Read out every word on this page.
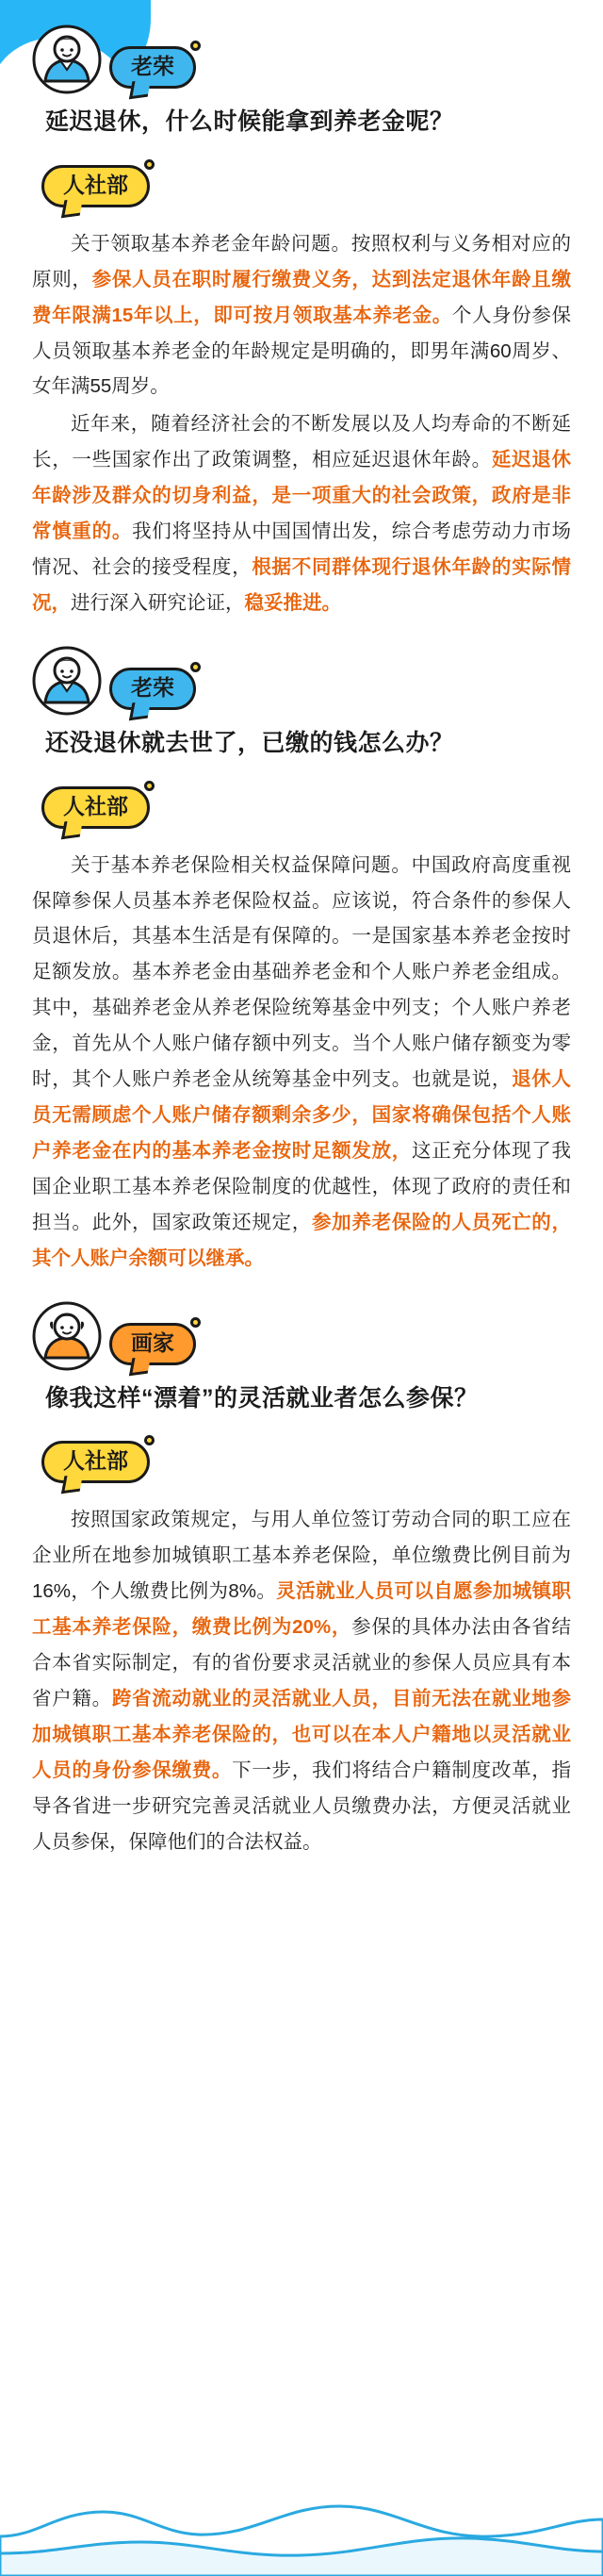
老荣
延迟退休，什么时候能拿到养老金呢？
人社部

关于领取基本养老金年龄问题。按照权利与义务相对应的原则，参保人员在职时履行缴费义务，达到法定退休年龄且缴费年限满15年以上，即可按月领取基本养老金。个人身份参保人员领取基本养老金的年龄规定是明确的，即男年满60周岁、女年满55周岁。

近年来，随着经济社会的不断发展以及人均寿命的不断延长，一些国家作出了政策调整，相应延迟退休年龄。延迟退休年龄涉及群众的切身利益，是一项重大的社会政策，政府是非常慎重的。我们将坚持从中国国情出发，综合考虑劳动力市场情况、社会的接受程度，根据不同群体现行退休年龄的实际情况，进行深入研究论证，稳妥推进。

老荣
还没退休就去世了，已缴的钱怎么办？
人社部

关于基本养老保险相关权益保障问题。中国政府高度重视保障参保人员基本养老保险权益。应该说，符合条件的参保人员退休后，其基本生活是有保障的。一是国家基本养老金按时足额发放。基本养老金由基础养老金和个人账户养老金组成。其中，基础养老金从养老保险统筹基金中列支；个人账户养老金，首先从个人账户储存额中列支。当个人账户储存额变为零时，其个人账户养老金从统筹基金中列支。也就是说，退休人员无需顾虑个人账户储存额剩余多少，国家将确保包括个人账户养老金在内的基本养老金按时足额发放，这正充分体现了我国企业职工基本养老保险制度的优越性，体现了政府的责任和担当。此外，国家政策还规定，参加养老保险的人员死亡的，其个人账户余额可以继承。

画家
像我这样“漂着”的灵活就业者怎么参保？
人社部

按照国家政策规定，与用人单位签订劳动合同的职工应在企业所在地参加城镇职工基本养老保险，单位缴费比例目前为16%，个人缴费比例为8%。灵活就业人员可以自愿参加城镇职工基本养老保险，缴费比例为20%，参保的具体办法由各省结合本省实际制定，有的省份要求灵活就业的参保人员应具有本省户籍。跨省流动就业的灵活就业人员，目前无法在就业地参加城镇职工基本养老保险的，也可以在本人户籍地以灵活就业人员的身份参保缴费。下一步，我们将结合户籍制度改革，指导各省进一步研究完善灵活就业人员缴费办法，方便灵活就业人员参保，保障他们的合法权益。
